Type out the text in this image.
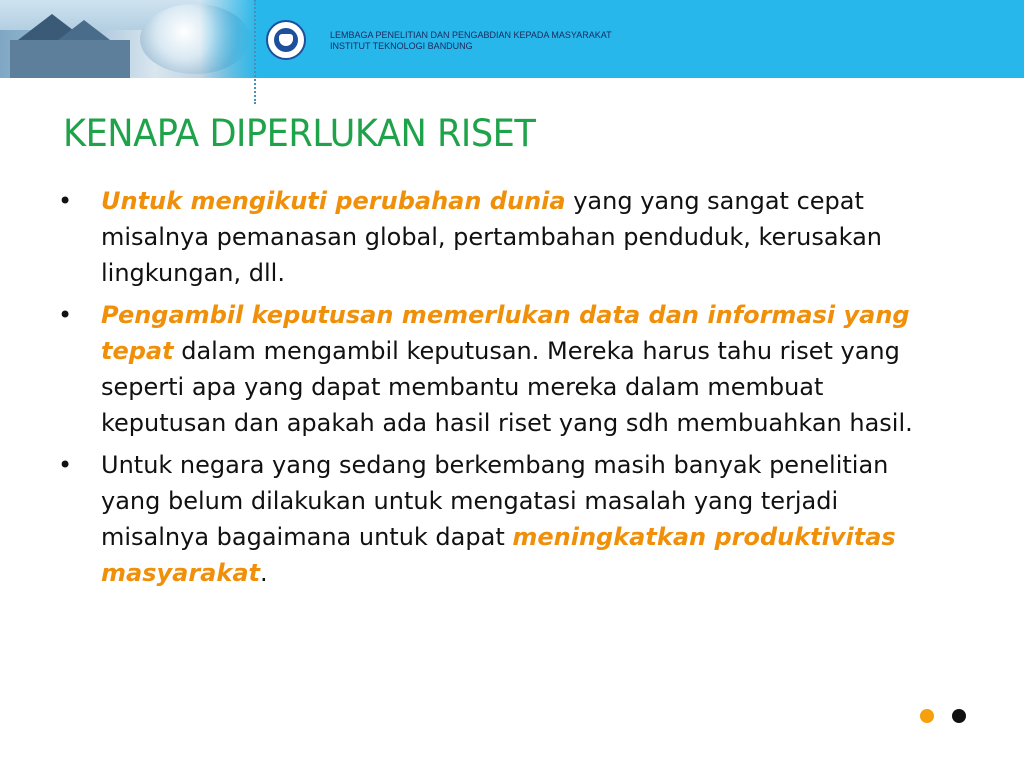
LEMBAGA PENELITIAN DAN PENGABDIAN KEPADA MASYARAKAT
INSTITUT TEKNOLOGI BANDUNG
KENAPA DIPERLUKAN RISET
• Untuk mengikuti perubahan dunia yang yang sangat cepat misalnya pemanasan global, pertambahan penduduk, kerusakan lingkungan, dll.
• Pengambil keputusan memerlukan data dan informasi yang tepat dalam mengambil keputusan. Mereka harus tahu riset yang seperti apa yang dapat membantu mereka dalam membuat keputusan dan apakah ada hasil riset yang sdh membuahkan hasil.
• Untuk negara yang sedang berkembang masih banyak penelitian yang belum dilakukan untuk mengatasi masalah yang terjadi misalnya bagaimana untuk dapat meningkatkan produktivitas masyarakat.
